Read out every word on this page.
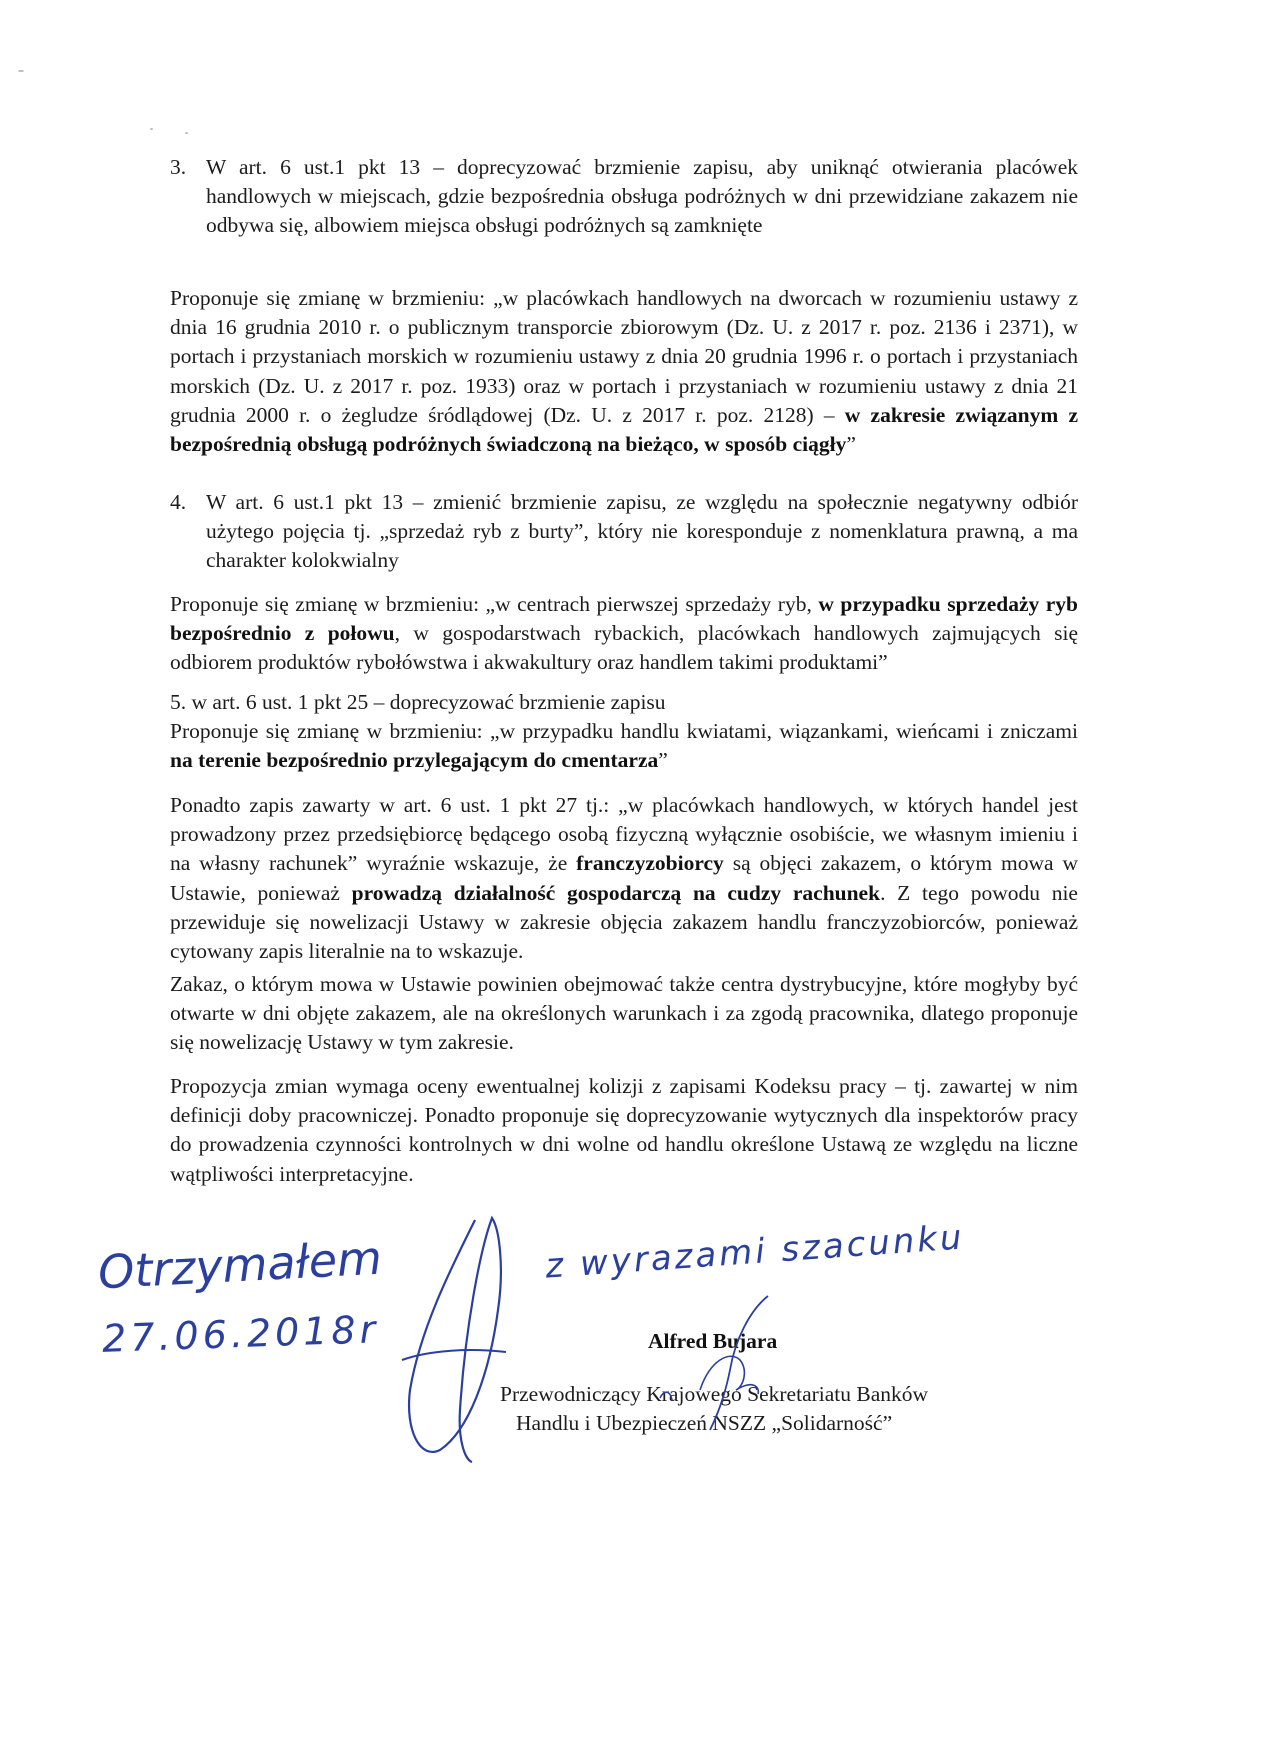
3. W art. 6 ust.1 pkt 13 – doprecyzować brzmienie zapisu, aby uniknąć otwierania placówek handlowych w miejscach, gdzie bezpośrednia obsługa podróżnych w dni przewidziane zakazem nie odbywa się, albowiem miejsca obsługi podróżnych są zamknięte
Proponuje się zmianę w brzmieniu: „w placówkach handlowych na dworcach w rozumieniu ustawy z dnia 16 grudnia 2010 r. o publicznym transporcie zbiorowym (Dz. U. z 2017 r. poz. 2136 i 2371), w portach i przystaniach morskich w rozumieniu ustawy z dnia 20 grudnia 1996 r. o portach i przystaniach morskich (Dz. U. z 2017 r. poz. 1933) oraz w portach i przystaniach w rozumieniu ustawy z dnia 21 grudnia 2000 r. o żegludze śródlądowej (Dz. U. z 2017 r. poz. 2128) – w zakresie związanym z bezpośrednią obsługą podróżnych świadczoną na bieżąco, w sposób ciągły”
4. W art. 6 ust.1 pkt 13 – zmienić brzmienie zapisu, ze względu na społecznie negatywny odbiór użytego pojęcia tj. „sprzedaż ryb z burty”, który nie koresponduje z nomenklatura prawną, a ma charakter kolokwialny
Proponuje się zmianę w brzmieniu: „w centrach pierwszej sprzedaży ryb, w przypadku sprzedaży ryb bezpośrednio z połowu, w gospodarstwach rybackich, placówkach handlowych zajmujących się odbiorem produktów rybołówstwa i akwakultury oraz handlem takimi produktami”
5. w art. 6 ust. 1 pkt 25 – doprecyzować brzmienie zapisu
Proponuje się zmianę w brzmieniu: „w przypadku handlu kwiatami, wiązankami, wieńcami i zniczami na terenie bezpośrednio przylegającym do cmentarza”
Ponadto zapis zawarty w art. 6 ust. 1 pkt 27 tj.: „w placówkach handlowych, w których handel jest prowadzony przez przedsiębiorcę będącego osobą fizyczną wyłącznie osobiście, we własnym imieniu i na własny rachunek” wyraźnie wskazuje, że franczyzobiorcy są objęci zakazem, o którym mowa w Ustawie, ponieważ prowadzą działalność gospodarczą na cudzy rachunek. Z tego powodu nie przewiduje się nowelizacji Ustawy w zakresie objęcia zakazem handlu franczyzobiorców, ponieważ cytowany zapis literalnie na to wskazuje.
Zakaz, o którym mowa w Ustawie powinien obejmować także centra dystrybucyjne, które mogłyby być otwarte w dni objęte zakazem, ale na określonych warunkach i za zgodą pracownika, dlatego proponuje się nowelizację Ustawy w tym zakresie.
Propozycja zmian wymaga oceny ewentualnej kolizji z zapisami Kodeksu pracy – tj. zawartej w nim definicji doby pracowniczej. Ponadto proponuje się doprecyzowanie wytycznych dla inspektorów pracy do prowadzenia czynności kontrolnych w dni wolne od handlu określone Ustawą ze względu na liczne wątpliwości interpretacyjne.
Otrzymałem
27.06.2018r
z wyrazami szacunku
Alfred Bujara
Przewodniczący Krajowego Sekretariatu Banków
Handlu i Ubezpieczeń NSZZ „Solidarność”
